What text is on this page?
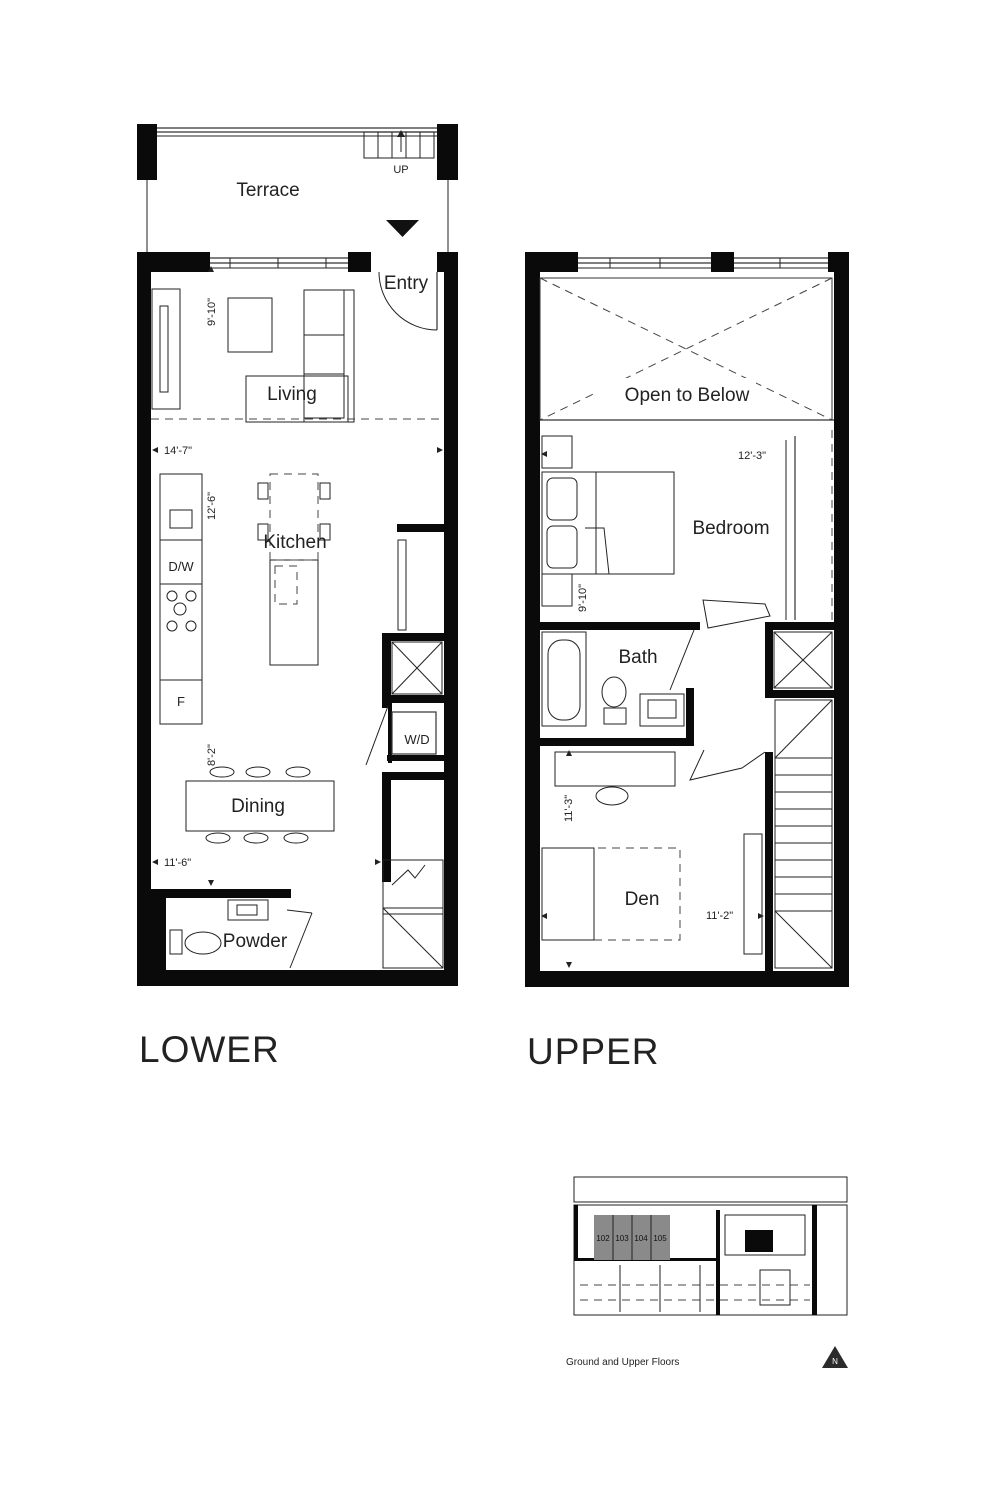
UP
Terrace
Living
Entry
D/W
F
Kitchen
W/D
Dining
Powder
9'-10"
14'-7"
12'-6"
8'-2"
11'-6"
Open to Below
Bedroom
Bath
Den
12'-3"
9'-10"
11'-3"
11'-2"
LOWER	UPPER
102 103 104 105
Ground and Upper Floors	N
